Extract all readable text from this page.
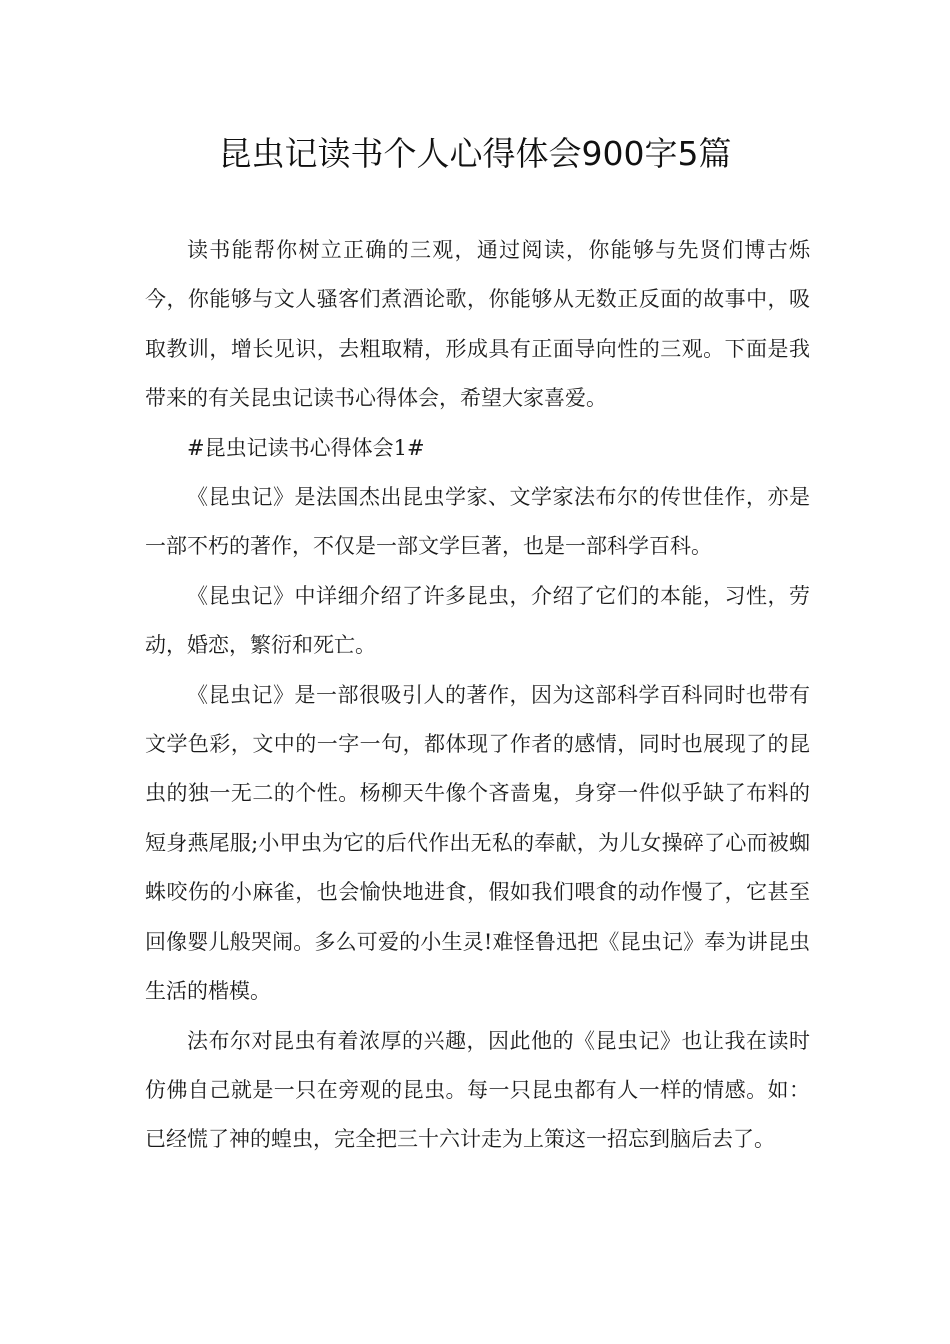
昆虫记读书个人心得体会900字5篇

读书能帮你树立正确的三观，通过阅读，你能够与先贤们博古烁今，你能够与文人骚客们煮酒论歌，你能够从无数正反面的故事中，吸取教训，增长见识，去粗取精，形成具有正面导向性的三观。下面是我带来的有关昆虫记读书心得体会，希望大家喜爱。

#昆虫记读书心得体会1#

《昆虫记》是法国杰出昆虫学家、文学家法布尔的传世佳作，亦是一部不朽的著作，不仅是一部文学巨著，也是一部科学百科。

《昆虫记》中详细介绍了许多昆虫，介绍了它们的本能，习性，劳动，婚恋，繁衍和死亡。

《昆虫记》是一部很吸引人的著作，因为这部科学百科同时也带有文学色彩，文中的一字一句，都体现了作者的感情，同时也展现了的昆虫的独一无二的个性。杨柳天牛像个吝啬鬼，身穿一件似乎缺了布料的短身燕尾服;小甲虫为它的后代作出无私的奉献，为儿女操碎了心而被蜘蛛咬伤的小麻雀，也会愉快地进食，假如我们喂食的动作慢了，它甚至回像婴儿般哭闹。多么可爱的小生灵!难怪鲁迅把《昆虫记》奉为讲昆虫生活的楷模。

法布尔对昆虫有着浓厚的兴趣，因此他的《昆虫记》也让我在读时仿佛自己就是一只在旁观的昆虫。每一只昆虫都有人一样的情感。如：已经慌了神的蝗虫，完全把三十六计走为上策这一招忘到脑后去了。
